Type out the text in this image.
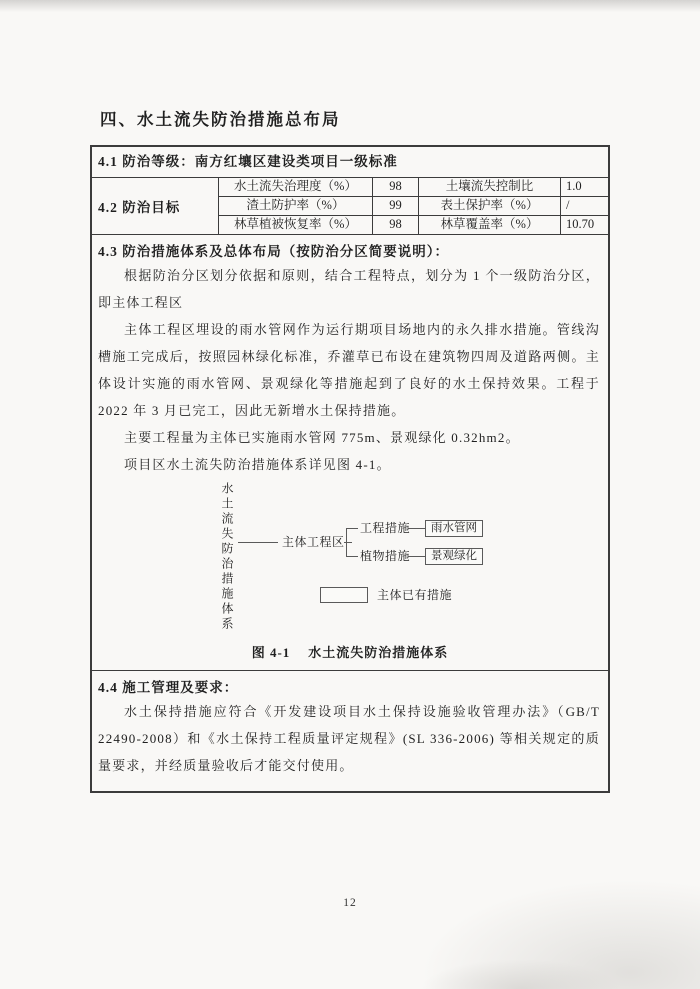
四、水土流失防治措施总布局
4.1 防治等级：南方红壤区建设类项目一级标准
4.2 防治目标
水土流失治理度（%）	98	土壤流失控制比	1.0
渣土防护率（%）	99	表土保护率（%）	/
林草植被恢复率（%）	98	林草覆盖率（%）	10.70
4.3 防治措施体系及总体布局（按防治分区简要说明）：

根据防治分区划分依据和原则，结合工程特点，划分为 1 个一级防治分区，即主体工程区

主体工程区埋设的雨水管网作为运行期项目场地内的永久排水措施。管线沟槽施工完成后，按照园林绿化标准，乔灌草已布设在建筑物四周及道路两侧。主体设计实施的雨水管网、景观绿化等措施起到了良好的水土保持效果。工程于 2022 年 3 月已完工，因此无新增水土保持措施。

主要工程量为主体已实施雨水管网 775m、景观绿化 0.32hm2。

项目区水土流失防治措施体系详见图 4-1。

水土流失防治措施体系	主体工程区
工程措施	雨水管网
植物措施	景观绿化
主体已有措施
图 4-1 水土流失防治措施体系
4.4 施工管理及要求：

水土保持措施应符合《开发建设项目水土保持设施验收管理办法》（GB/T 22490-2008）和《水土保持工程质量评定规程》(SL 336-2006) 等相关规定的质量要求，并经质量验收后才能交付使用。

12
